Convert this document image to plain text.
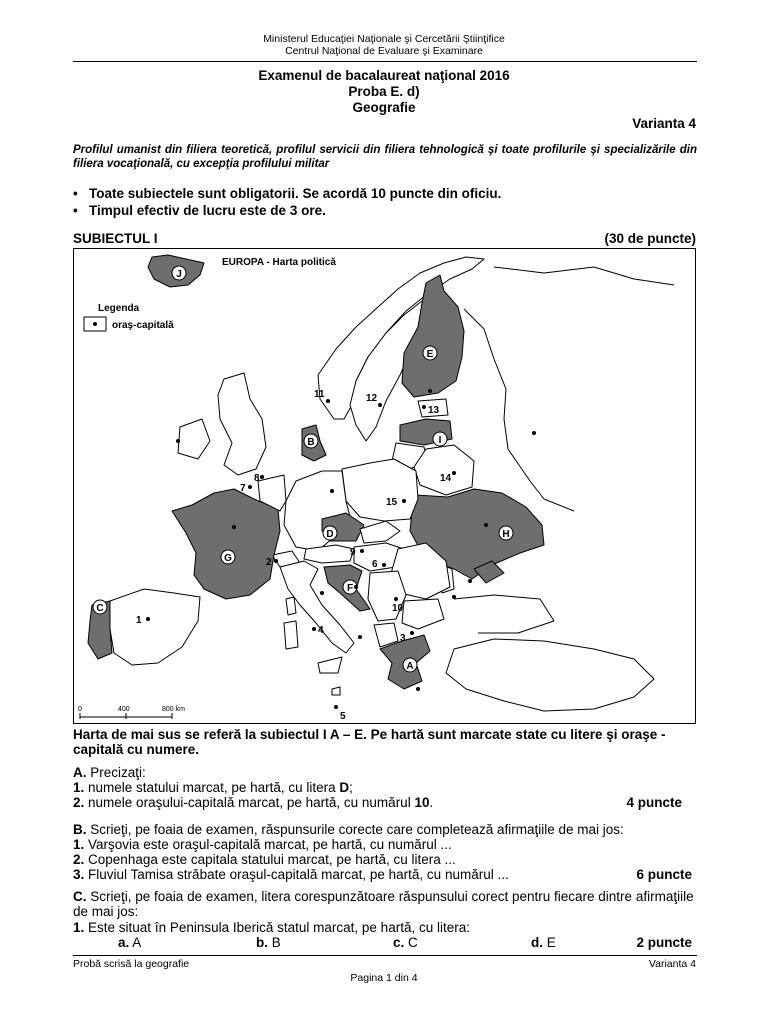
Ministerul Educaţiei Naţionale şi Cercetării Ştiinţifice
Centrul Naţional de Evaluare şi Examinare
Examenul de bacalaureat naţional 2016
Proba E. d)
Geografie
Varianta 4
Profilul umanist din filiera teoretică, profilul servicii din filiera tehnologică şi toate profilurile şi specializările din filiera vocaţională, cu excepţia profilului militar
• Toate subiectele sunt obligatorii. Se acordă 10 puncte din oficiu.
• Timpul efectiv de lucru este de 3 ore.
SUBIECTUL I	(30 de puncte)
J
E
B	I
H
D
G
F
C
A
1
2
3
4
5
6
7
8
9
10
11	12
13
14
15
EUROPA - Harta politică
Legenda
oraş-capitală
0	400	800 km
Harta de mai sus se referă la subiectul I A – E. Pe hartă sunt marcate state cu litere şi oraşe - capitală cu numere.
A. Precizaţi:
1. numele statului marcat, pe hartă, cu litera D;
2. numele oraşului-capitală marcat, pe hartă, cu numărul 10.	4 puncte
B. Scrieţi, pe foaia de examen, răspunsurile corecte care completează afirmaţiile de mai jos:
1. Varşovia este oraşul-capitală marcat, pe hartă, cu numărul ...
2. Copenhaga este capitala statului marcat, pe hartă, cu litera ...
3. Fluviul Tamisa străbate oraşul-capitală marcat, pe hartă, cu numărul ...	6 puncte
C. Scrieţi, pe foaia de examen, litera corespunzătoare răspunsului corect pentru fiecare dintre afirmaţiile de mai jos:
1. Este situat în Peninsula Iberică statul marcat, pe hartă, cu litera:
a. A	b. B	c. C	d. E	2 puncte
Probă scrisă la geografie	Varianta 4
Pagina 1 din 4
